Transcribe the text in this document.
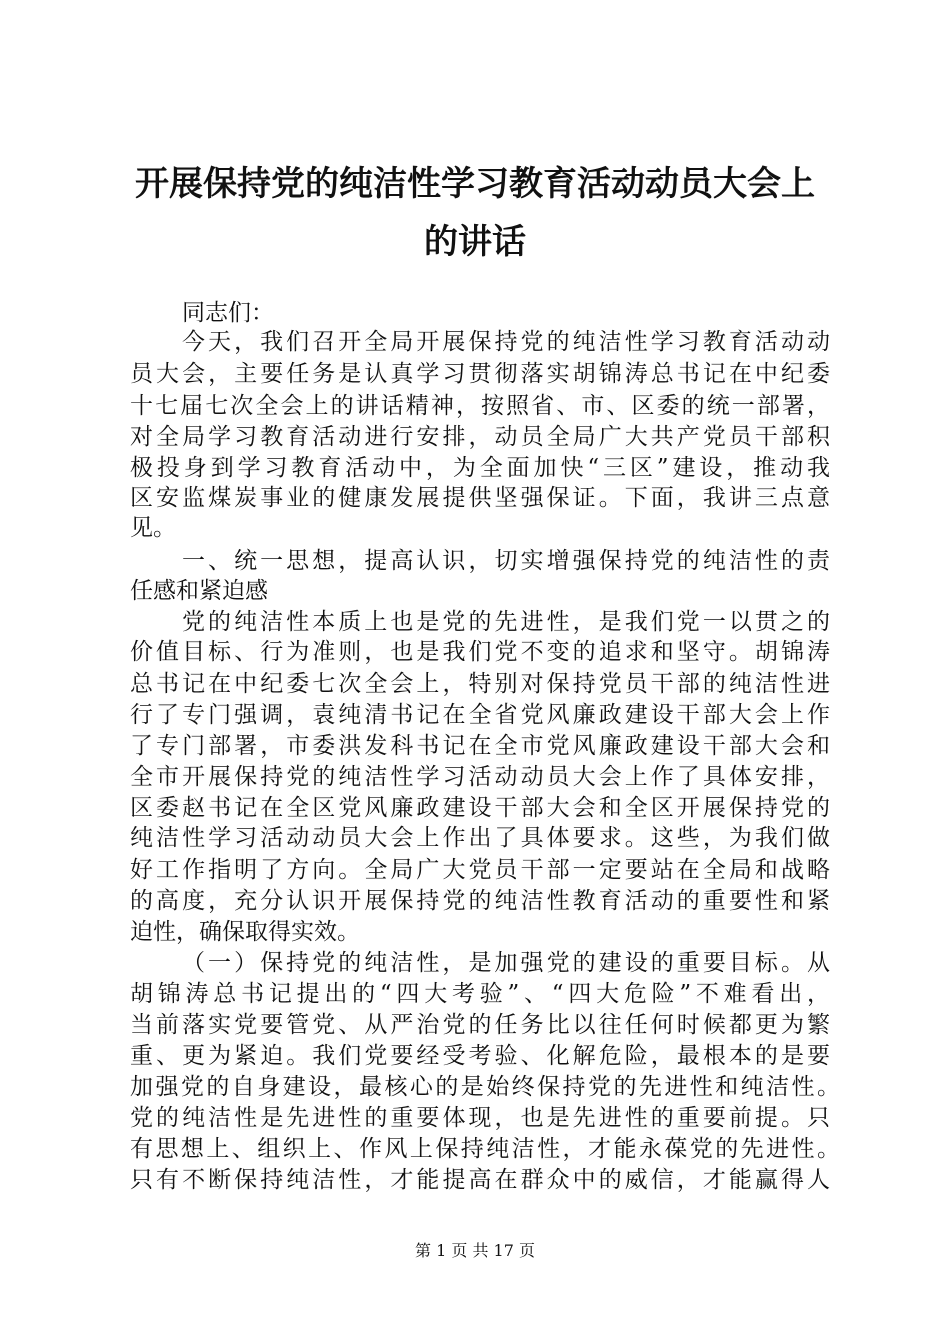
开展保持党的纯洁性学习教育活动动员大会上
的讲话
同志们：
今天，我们召开全局开展保持党的纯洁性学习教育活动动
员大会，主要任务是认真学习贯彻落实胡锦涛总书记在中纪委
十七届七次全会上的讲话精神，按照省、市、区委的统一部署，
对全局学习教育活动进行安排，动员全局广大共产党员干部积
极投身到学习教育活动中，为全面加快“三区”建设，推动我
区安监煤炭事业的健康发展提供坚强保证。下面，我讲三点意
见。
一、统一思想，提高认识，切实增强保持党的纯洁性的责
任感和紧迫感
党的纯洁性本质上也是党的先进性，是我们党一以贯之的
价值目标、行为准则，也是我们党不变的追求和坚守。胡锦涛
总书记在中纪委七次全会上，特别对保持党员干部的纯洁性进
行了专门强调，袁纯清书记在全省党风廉政建设干部大会上作
了专门部署，市委洪发科书记在全市党风廉政建设干部大会和
全市开展保持党的纯洁性学习活动动员大会上作了具体安排，
区委赵书记在全区党风廉政建设干部大会和全区开展保持党的
纯洁性学习活动动员大会上作出了具体要求。这些，为我们做
好工作指明了方向。全局广大党员干部一定要站在全局和战略
的高度，充分认识开展保持党的纯洁性教育活动的重要性和紧
迫性，确保取得实效。
（一）保持党的纯洁性，是加强党的建设的重要目标。从
胡锦涛总书记提出的“四大考验”、“四大危险”不难看出，
当前落实党要管党、从严治党的任务比以往任何时候都更为繁
重、更为紧迫。我们党要经受考验、化解危险，最根本的是要
加强党的自身建设，最核心的是始终保持党的先进性和纯洁性。
党的纯洁性是先进性的重要体现，也是先进性的重要前提。只
有思想上、组织上、作风上保持纯洁性，才能永葆党的先进性。
只有不断保持纯洁性，才能提高在群众中的威信，才能赢得人
第 1 页 共 17 页
